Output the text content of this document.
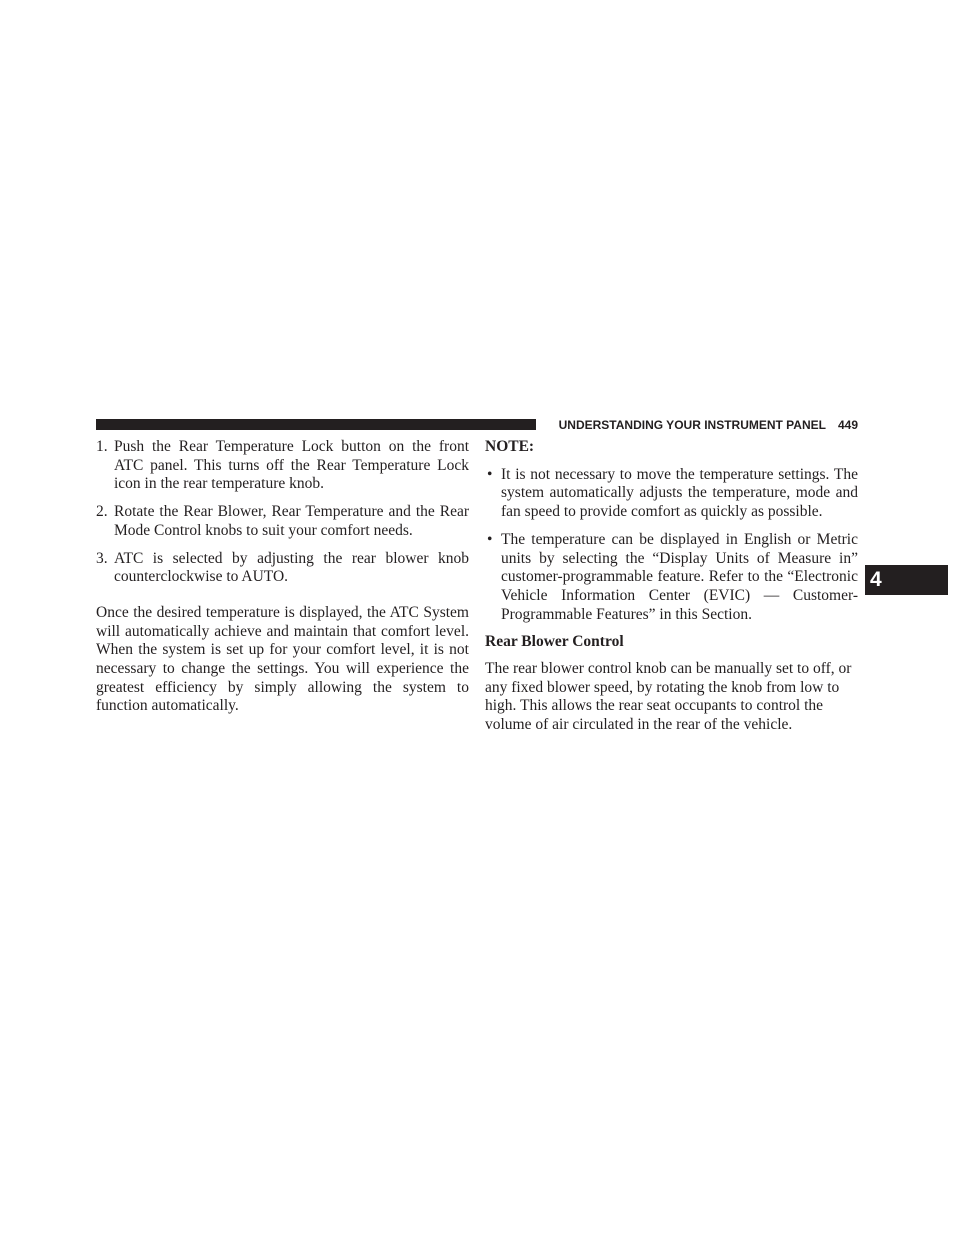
UNDERSTANDING YOUR INSTRUMENT PANEL 449
4
1. Push the Rear Temperature Lock button on the front ATC panel. This turns off the Rear Temperature Lock icon in the rear temperature knob.
2. Rotate the Rear Blower, Rear Temperature and the Rear Mode Control knobs to suit your comfort needs.
3. ATC is selected by adjusting the rear blower knob counterclockwise to AUTO.

Once the desired temperature is displayed, the ATC System will automatically achieve and maintain that comfort level. When the system is set up for your comfort level, it is not necessary to change the settings. You will experience the greatest efficiency by simply allowing the system to function automatically.

NOTE:

• It is not necessary to move the temperature settings. The system automatically adjusts the temperature, mode and fan speed to provide comfort as quickly as possible.
• The temperature can be displayed in English or Metric units by selecting the “Display Units of Measure in” customer-programmable feature. Refer to the “Electronic Vehicle Information Center (EVIC) — Customer-Programmable Features” in this Section.

Rear Blower Control

The rear blower control knob can be manually set to off, or any fixed blower speed, by rotating the knob from low to high. This allows the rear seat occupants to control the volume of air circulated in the rear of the vehicle.
